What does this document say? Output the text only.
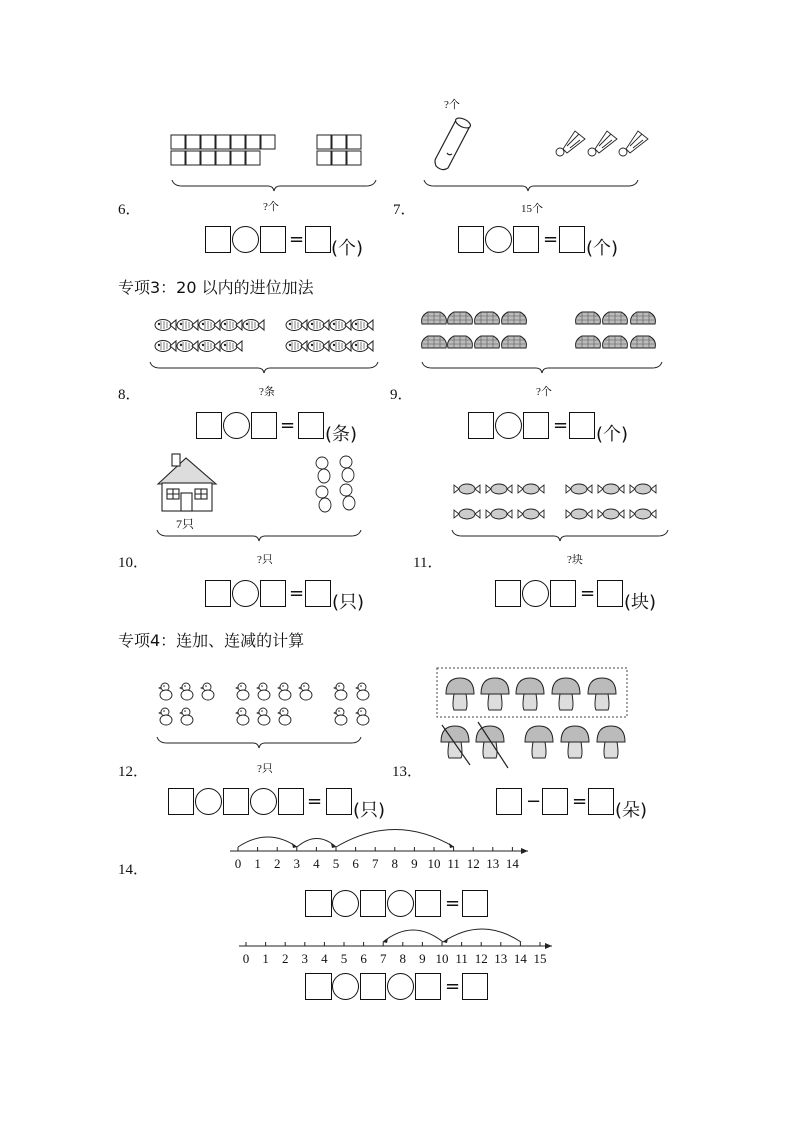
6．	?个
= (个)
?个
7．	15个
= (个)
专项3：20 以内的进位加法
8．	?条
= (条)
9．	?个
= (个)
7只
10．	?只
= (只)
11．	?块
= (块)
专项4：连加、连减的计算
12．	?只
= (只)
13．
− = (朵)
14．	0 1 2 3 4 5 6 7 8 9 10 11 12 13 14
=
0 1 2 3 4 5 6 7 8 9 10 11 12 13 14 15
=
